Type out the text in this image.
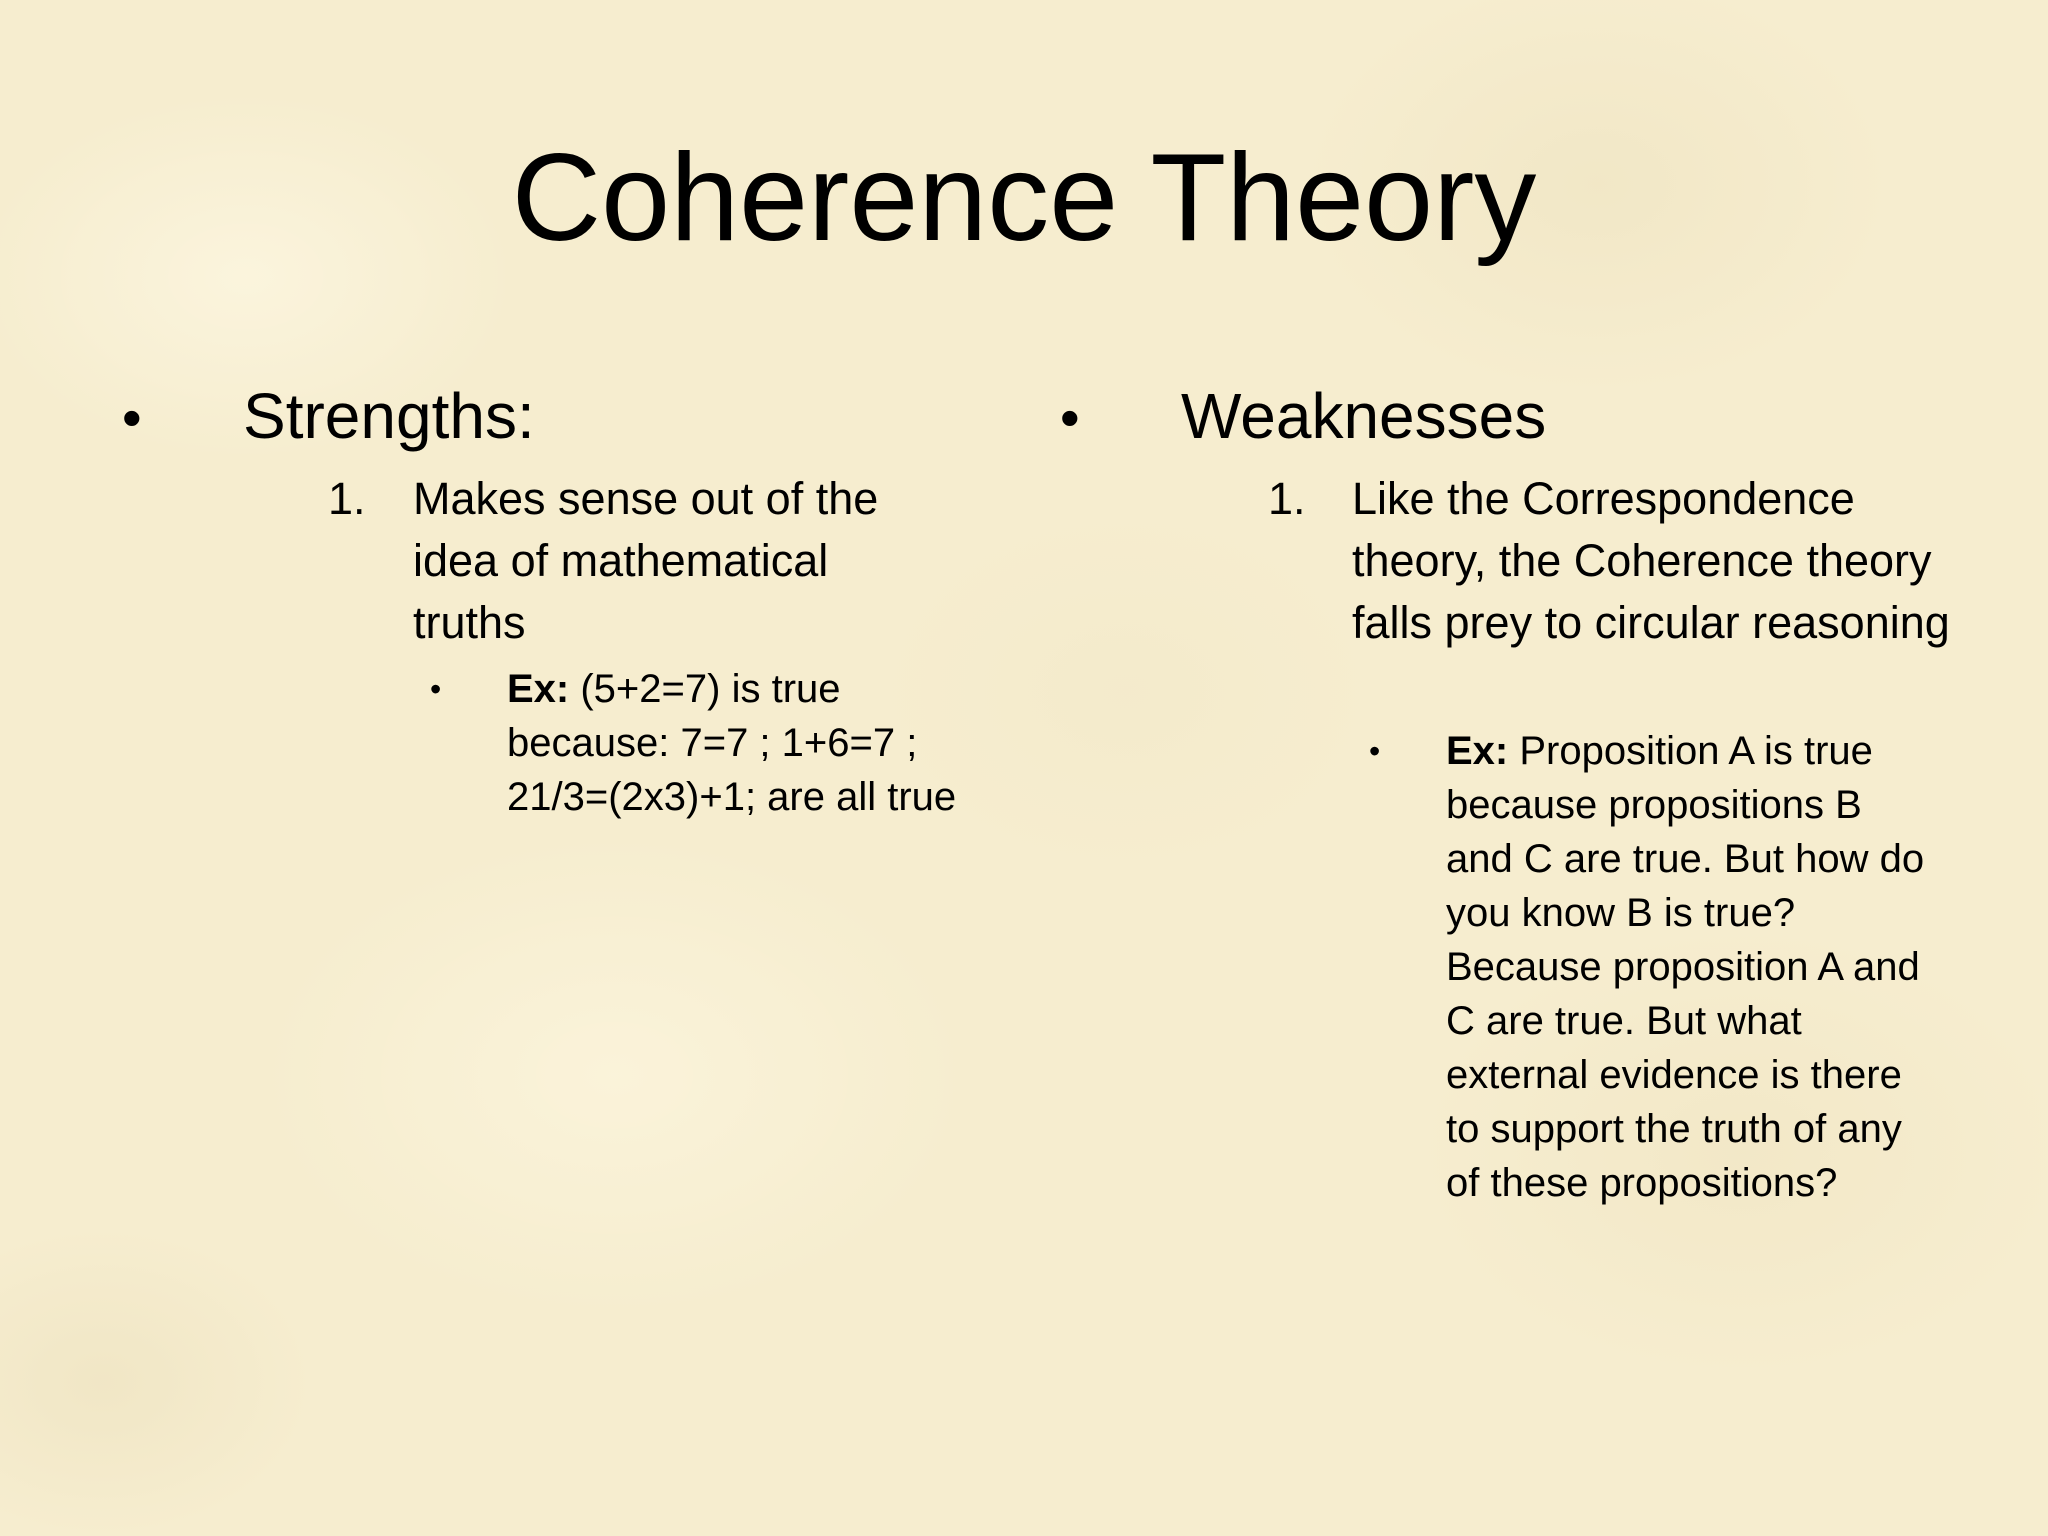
Coherence Theory
• Strengths:
1. Makes sense out of the idea of mathematical truths
• Ex: (5+2=7) is true because: 7=7 ; 1+6=7 ; 21/3=(2x3)+1; are all true
• Weaknesses
1. Like the Correspondence theory, the Coherence theory falls prey to circular reasoning
• Ex: Proposition A is true because propositions B and C are true. But how do you know B is true? Because proposition A and C are true. But what external evidence is there to support the truth of any of these propositions?
